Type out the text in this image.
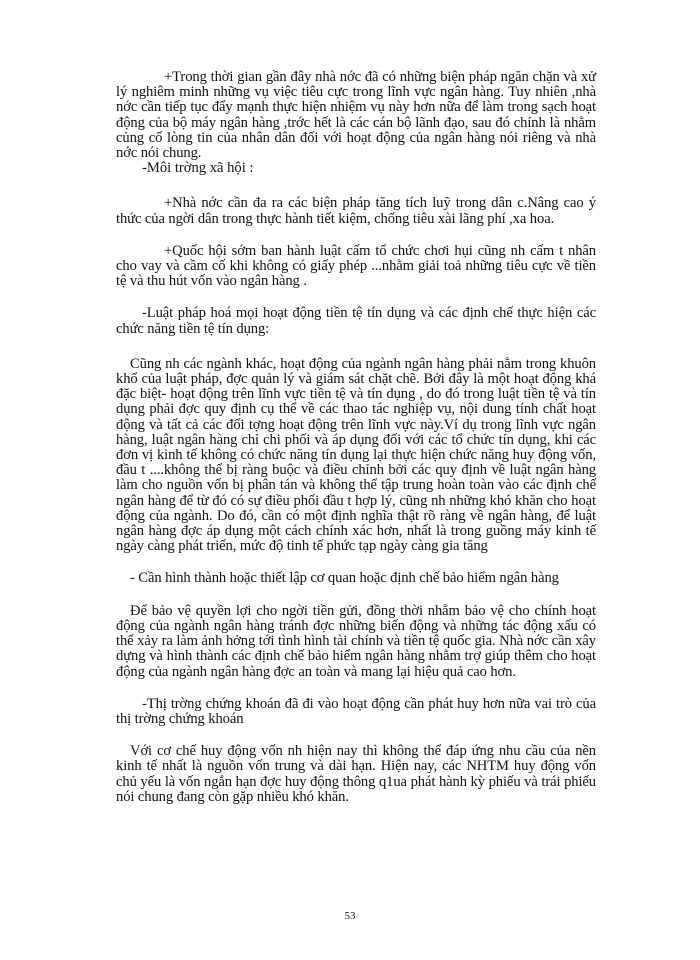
+Trong thời gian gần đây nhà nớc đã có những biện pháp ngăn chặn và xử lý nghiêm minh những vụ việc tiêu cực trong lĩnh vực ngân hàng. Tuy nhiên ,nhà nớc cần tiếp tục đẩy mạnh thực hiện nhiệm vụ này hơn nữa để làm trong sạch hoạt động của bộ máy ngân hàng ,trớc hết là các cán bộ lãnh đạo, sau đó chính là nhằm củng cố lòng tin của nhân dân đối với hoạt động của ngân hàng nói riêng và nhà nớc nói chung.

-Môi trờng xã hội :

+Nhà nớc cần đa ra các biện pháp tăng tích luỹ trong dân c.Nâng cao ý thức của ngời dân trong thực hành tiết kiệm, chống tiêu xài lãng phí ,xa hoa.

+Quốc hội sớm ban hành luật cấm tổ chức chơi hụi cũng nh cấm t nhân cho vay và cầm cố khi không có giấy phép ...nhằm giải toả những tiêu cực về tiền tệ và thu hút vốn vào ngân hàng .

-Luật pháp hoá mọi hoạt động tiền tệ tín dụng và các định chế thực hiện các chức năng tiền tệ tín dụng:

Cũng nh các ngành khác, hoạt động của ngành ngân hàng phải nằm trong khuôn khổ của luật pháp, đợc quản lý và giám sát chặt chẽ. Bởi đây là một hoạt động khá đặc biệt- hoạt động trên lĩnh vực tiền tệ và tín dụng , do đó trong luật tiền tệ và tín dụng phải đợc quy định cụ thể về các thao tác nghiệp vụ, nội dung tính chất hoạt động và tất cả các đối tợng hoạt động trên lĩnh vực này.Ví dụ trong lĩnh vực ngân hàng, luật ngân hàng chỉ chi phối và áp dụng đối với các tổ chức tín dụng, khi các đơn vị kinh tế không có chức năng tín dụng lại thực hiện chức năng huy động vốn, đầu t ....không thể bị ràng buộc và điều chỉnh bởi các quy định về luật ngân hàng làm cho nguồn vốn bị phân tán và không thể tập trung hoàn toàn vào các định chế ngân hàng để từ đó có sự điều phối đầu t hợp lý, cũng nh những khó khăn cho hoạt động của ngành. Do đó, cần có một định nghĩa thật rõ ràng về ngân hàng, để luật ngân hàng đợc áp dụng một cách chính xác hơn, nhất là trong guồng máy kinh tế ngày càng phát triển, mức độ tinh tế phức tạp ngày càng gia tăng

- Cần hình thành hoặc thiết lập cơ quan hoặc định chế bảo hiểm ngân hàng

Để bảo vệ quyền lợi cho ngời tiền gửi, đồng thời nhằm bảo vệ cho chính hoạt động của ngành ngân hàng tránh đợc những biến động và những tác động xấu có thể xảy ra làm ảnh hởng tới tình hình tài chính và tiền tệ quốc gia. Nhà nớc cần xây dựng và hình thành các định chế bảo hiểm ngân hàng nhằm trợ giúp thêm cho hoạt động của ngành ngân hàng đợc an toàn và mang lại hiệu quả cao hơn.

-Thị trờng chứng khoán đã đi vào hoạt động cần phát huy hơn nữa vai trò của thị trờng chứng khoán

Với cơ chế huy động vốn nh hiện nay thì không thể đáp ứng nhu cầu của nền kinh tế nhất là nguồn vốn trung và dài hạn. Hiện nay, các NHTM huy động vốn chủ yếu là vốn ngắn hạn đợc huy động thông q1ua phát hành kỳ phiếu và trái phiếu nói chung đang còn gặp nhiều khó khăn.

53
